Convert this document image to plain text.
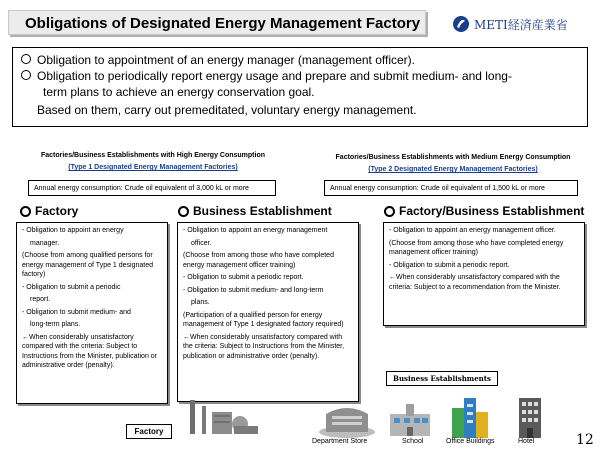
Obligations of Designated Energy Management Factory	METI経済産業省
Obligation to appointment of an energy manager (management officer).
Obligation to periodically report energy usage and prepare and submit medium- and long-
term plans to achieve an energy conservation goal.
Based on them, carry out premeditated, voluntary energy management.
Factories/Business Establishments with High Energy Consumption
(Type 1 Designated Energy Management Factories)
Annual energy consumption: Crude oil equivalent of 3,000 kL or more
Factories/Business Establishments with Medium Energy Consumption
(Type 2 Designated Energy Management Factories)
Annual energy consumption: Crude oil equivalent of 1,500 kL or more
Factory	Business Establishment	Factory/Business Establishment

- Obligation to appoint an energy

manager.

(Choose from among qualified persons for energy management of Type 1 designated factory)

- Obligation to submit a periodic

report.

- Obligation to submit medium- and

long-term plans.

←When considerably unsatisfactory compared with the criteria: Subject to Instructions from the Minister, publication or administrative order (penalty).

- Obligation to appoint an energy management

officer.

(Choose from among those who have completed energy management officer training)

- Obligation to submit a periodic report.

- Obligation to submit medium- and long-term

plans.

(Participation of a qualified person for energy management of Type 1 designated factory required)

←When considerably unsatisfactory compared with the criteria: Subject to Instructions from the Minister, publication or administrative order (penalty).

- Obligation to appoint an energy management officer.

(Choose from among those who have completed energy management officer training)

- Obligation to submit a periodic report.

←When considerably unsatisfactory compared with the criteria: Subject to a recommendation from the Minister.

Factory
Business Establishments
Department Store	School	Office Buildings	Hotel	12
